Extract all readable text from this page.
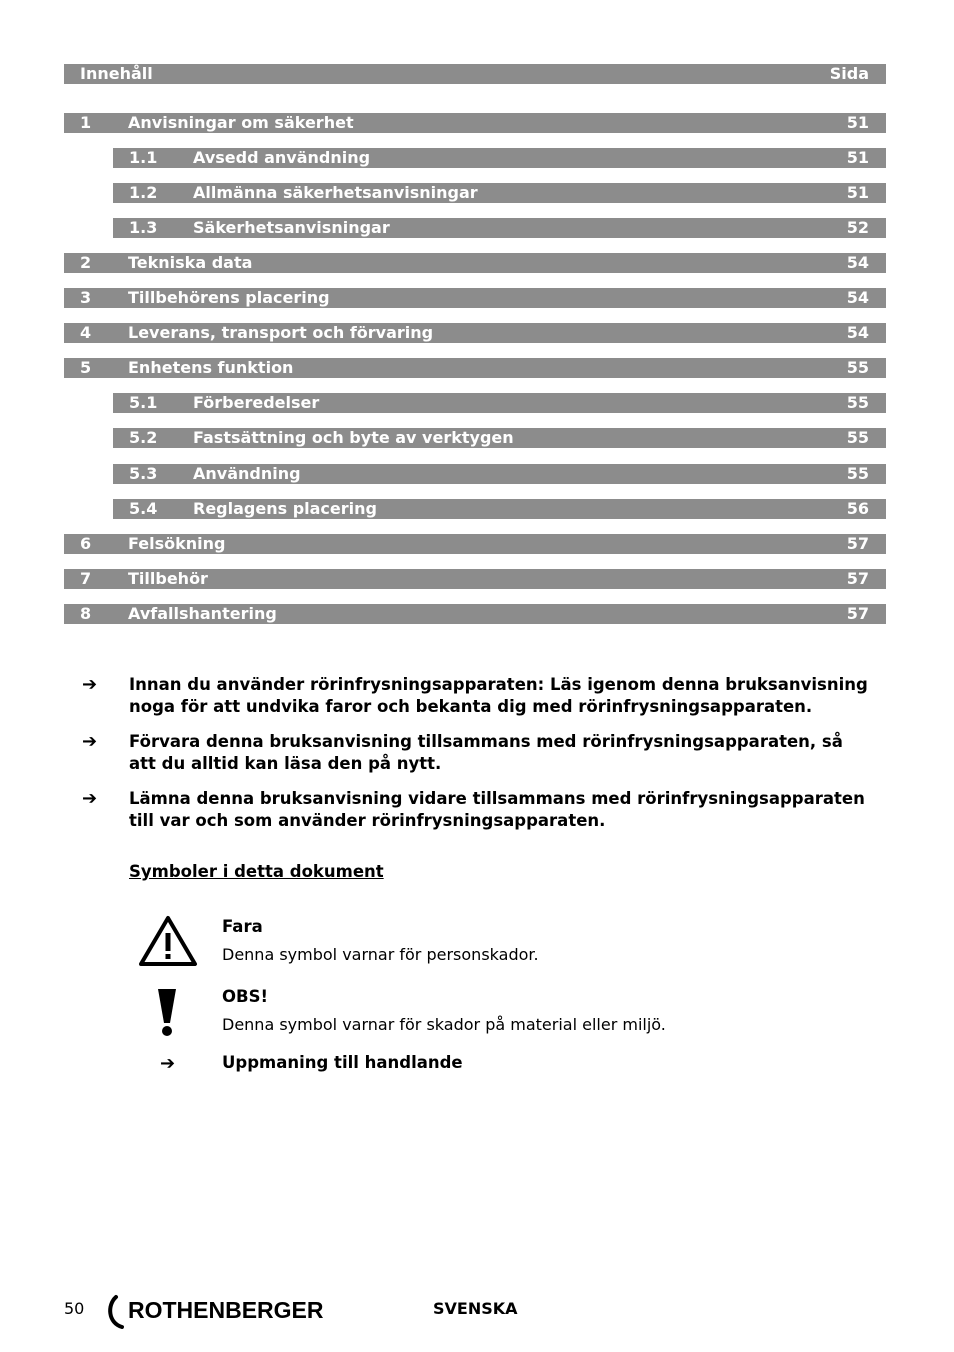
Innehåll	Sida
1 Anvisningar om säkerhet	51
1.1 Avsedd användning	51
1.2 Allmänna säkerhetsanvisningar	51
1.3 Säkerhetsanvisningar	52
2 Tekniska data	54
3 Tillbehörens placering	54
4 Leverans, transport och förvaring	54
5 Enhetens funktion	55
5.1 Förberedelser	55
5.2 Fastsättning och byte av verktygen	55
5.3 Användning	55
5.4 Reglagens placering	56
6 Felsökning	57
7 Tillbehör	57
8 Avfallshantering	57
➔ Innan du använder rörinfrysningsapparaten: Läs igenom denna bruksanvisning noga för att undvika faror och bekanta dig med rörinfrysningsapparaten.
➔ Förvara denna bruksanvisning tillsammans med rörinfrysningsapparaten, så att du alltid kan läsa den på nytt.
➔ Lämna denna bruksanvisning vidare tillsammans med rörinfrysningsapparaten till var och som använder rörinfrysningsapparaten.
Symboler i detta dokument
Fara
Denna symbol varnar för personskador.
OBS!
Denna symbol varnar för skador på material eller miljö.
➔	Uppmaning till handlande
50 ROTHENBERGER	SVENSKA
